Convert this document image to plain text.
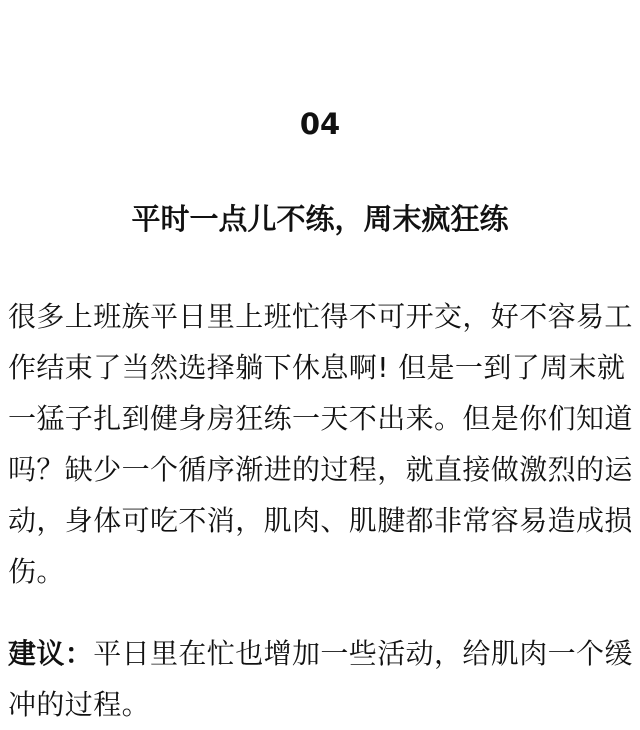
04
平时一点儿不练，周末疯狂练

很多上班族平日里上班忙得不可开交，好不容易工作结束了当然选择躺下休息啊! 但是一到了周末就一猛子扎到健身房狂练一天不出来。但是你们知道吗？缺少一个循序渐进的过程，就直接做激烈的运动，身体可吃不消，肌肉、肌腱都非常容易造成损伤。

建议：平日里在忙也增加一些活动，给肌肉一个缓冲的过程。
